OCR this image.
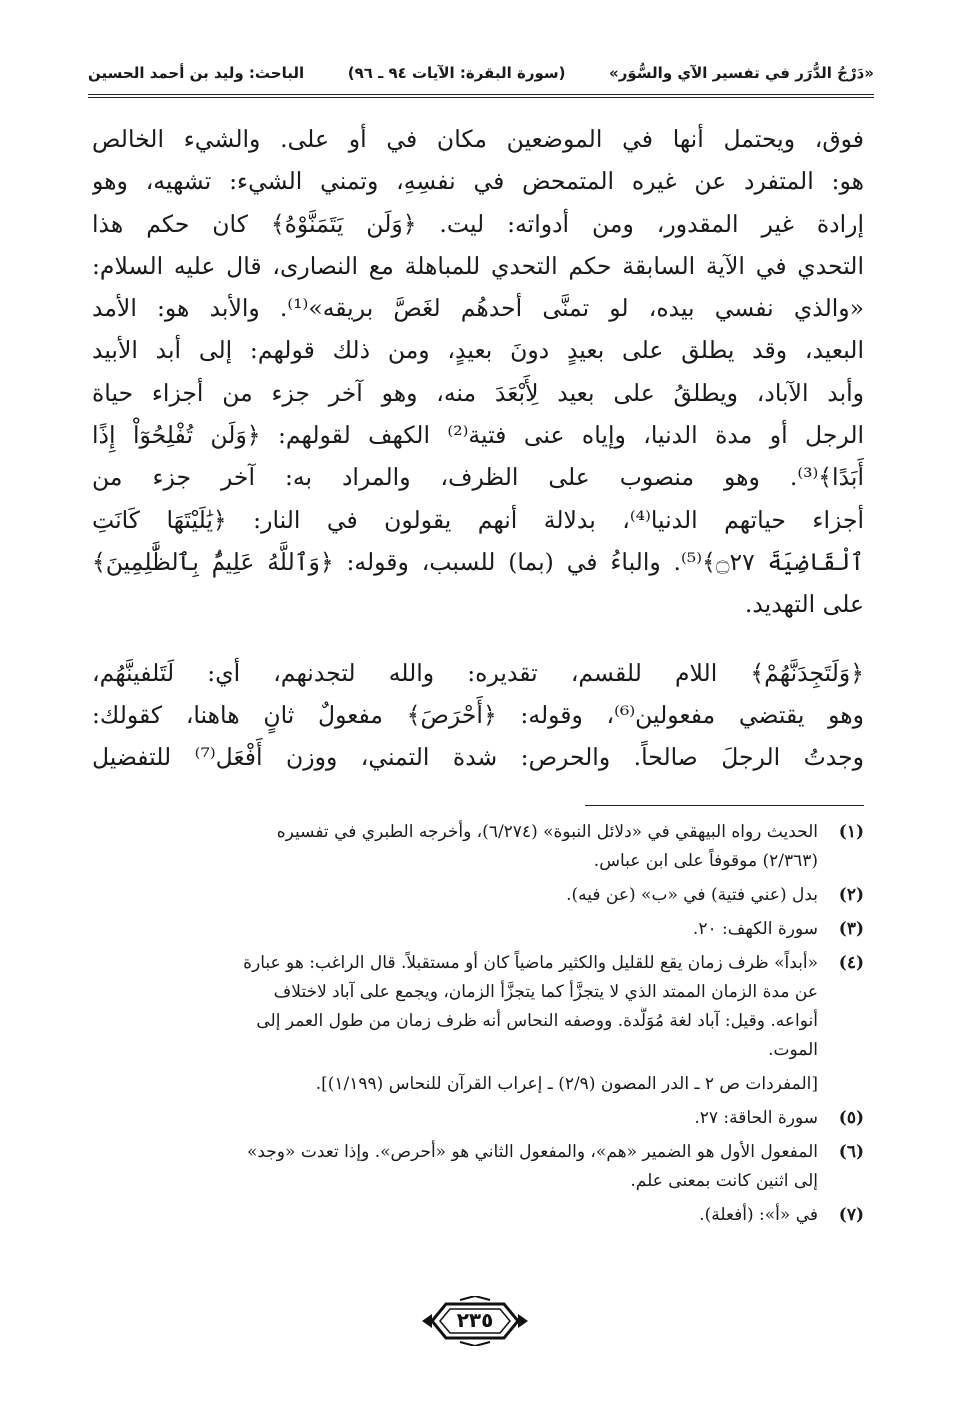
«دَرْجُ الدُّرَر في تفسير الآي والسُّوَر»
(سورة البقرة: الآيات ٩٤ ـ ٩٦)
الباحث: وليد بن أحمد الحسين

فوق، ويحتمل أنها في الموضعين مكان في أو على. والشيء الخالص
هو: المتفرد عن غيره المتمحض في نفسِهِ، وتمني الشيء: تشهيه، وهو
إرادة غير المقدور، ومن أدواته: ليت. ﴿وَلَن يَتَمَنَّوْهُ﴾ كان حكم هذا
التحدي في الآية السابقة حكم التحدي للمباهلة مع النصارى، قال عليه السلام:
«والذي نفسي بيده، لو تمنَّى أحدهُم لغَصَّ بريقه»⁽¹⁾. والأبد هو: الأمد
البعيد، وقد يطلق على بعيدٍ دونَ بعيدٍ، ومن ذلك قولهم: إلى أبد الأبيد
وأبد الآباد، ويطلقُ على بعيد لِأَبْعَدَ منه، وهو آخر جزء من أجزاء حياة
الرجل أو مدة الدنيا، وإياه عنى فتية⁽²⁾ الكهف لقولهم: ﴿وَلَن تُفْلِحُوٓاْ إِذًا
أَبَدًا﴾⁽³⁾. وهو منصوب على الظرف، والمراد به: آخر جزء من
أجزاء حياتهم الدنيا⁽⁴⁾، بدلالة أنهم يقولون في النار: ﴿يَٰلَيْتَهَا كَانَتِ
ٱلْقَاضِيَةَ ۝٢٧﴾⁽⁵⁾. والباءُ في (بما) للسبب، وقوله: ﴿وَٱللَّهُ عَلِيمٌۢ بِٱلظَّٰلِمِينَ﴾
على التهديد.

﴿وَلَتَجِدَنَّهُمْ﴾ اللام للقسم، تقديره: والله لتجدنهم، أي: لَتَلفينَّهُم،
وهو يقتضي مفعولين⁽⁶⁾، وقوله: ﴿أَحْرَصَ﴾ مفعولٌ ثانٍ هاهنا، كقولك:
وجدتُ الرجلَ صالحاً. والحرص: شدة التمني، ووزن أَفْعَل⁽⁷⁾ للتفضيل

(١)
الحديث رواه البيهقي في «دلائل النبوة» (٦/٢٧٤)، وأخرجه الطبري في تفسيره
(٢/٣٦٣) موقوفاً على ابن عباس.
(٢)
بدل (عني فتية) في «ب» (عن فيه).
(٣)
سورة الكهف: ٢٠.
(٤)
«أبداً» ظرف زمان يقع للقليل والكثير ماضياً كان أو مستقبلاً. قال الراغب: هو عبارة
عن مدة الزمان الممتد الذي لا يتجزَّأ كما يتجزَّأ الزمان، ويجمع على آباد لاختلاف
أنواعه. وقيل: آباد لغة مُوَلَّدة. ووصفه النحاس أنه ظرف زمان من طول العمر إلى
الموت.
[المفردات ص ٢ ـ الدر المصون (٢/٩) ـ إعراب القرآن للنحاس (١/١٩٩)].
(٥)
سورة الحاقة: ٢٧.
(٦)
المفعول الأول هو الضمير «هم»، والمفعول الثاني هو «أحرص». وإذا تعدت «وجد»
إلى اثنين كانت بمعنى علم.
(٧)
في «أ»: (أفعلة).
٢٣٥
